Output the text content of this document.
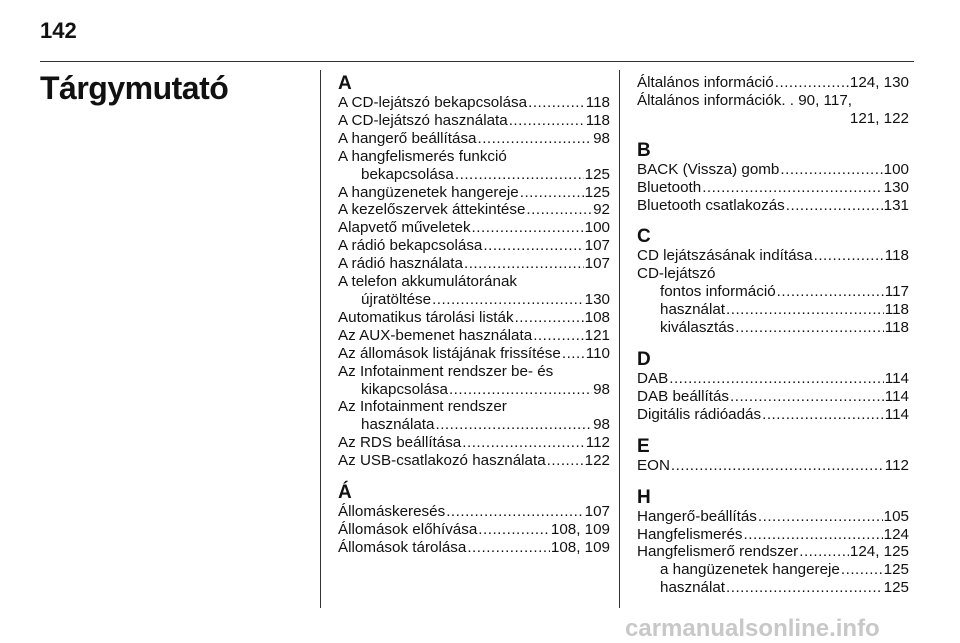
142
Tárgymutató	A
A CD-lejátszó bekapcsolása .....	118
A CD-lejátszó használata .....	118
A hangerő beállítása .....	98
A hangfelismerés funkció
bekapcsolása .....	125
A hangüzenetek hangereje .....	125
A kezelőszervek áttekintése .....	92
Alapvető műveletek .....	100
A rádió bekapcsolása .....	107
A rádió használata .....	107
A telefon akkumulátorának
újratöltése .....	130
Automatikus tárolási listák .....	108
Az AUX-bemenet használata .....	121
Az állomások listájának frissítése ..... 110
Az Infotainment rendszer be- és
kikapcsolása .....	98
Az Infotainment rendszer
használata .....	98
Az RDS beállítása .....	112
Az USB-csatlakozó használata .....	122
Á
Állomáskeresés .....	107
Állomások előhívása .....	108, 109
Állomások tárolása .....	108, 109
Általános információ .....	124, 130
Általános információk. . 90, 117,
121, 122
B
BACK (Vissza) gomb .....	100
Bluetooth .....	130
Bluetooth csatlakozás .....	131
C
CD lejátszásának indítása .....	118
CD-lejátszó
fontos információ .....	117
használat .....	118
kiválasztás .....	118
D
DAB .....	114
DAB beállítás .....	114
Digitális rádióadás .....	114
E
EON .....	112
H
Hangerő-beállítás .....	105
Hangfelismerés .....	124
Hangfelismerő rendszer .....	124, 125
a hangüzenetek hangereje .....	125
használat .....	125
carmanualsonline.info
